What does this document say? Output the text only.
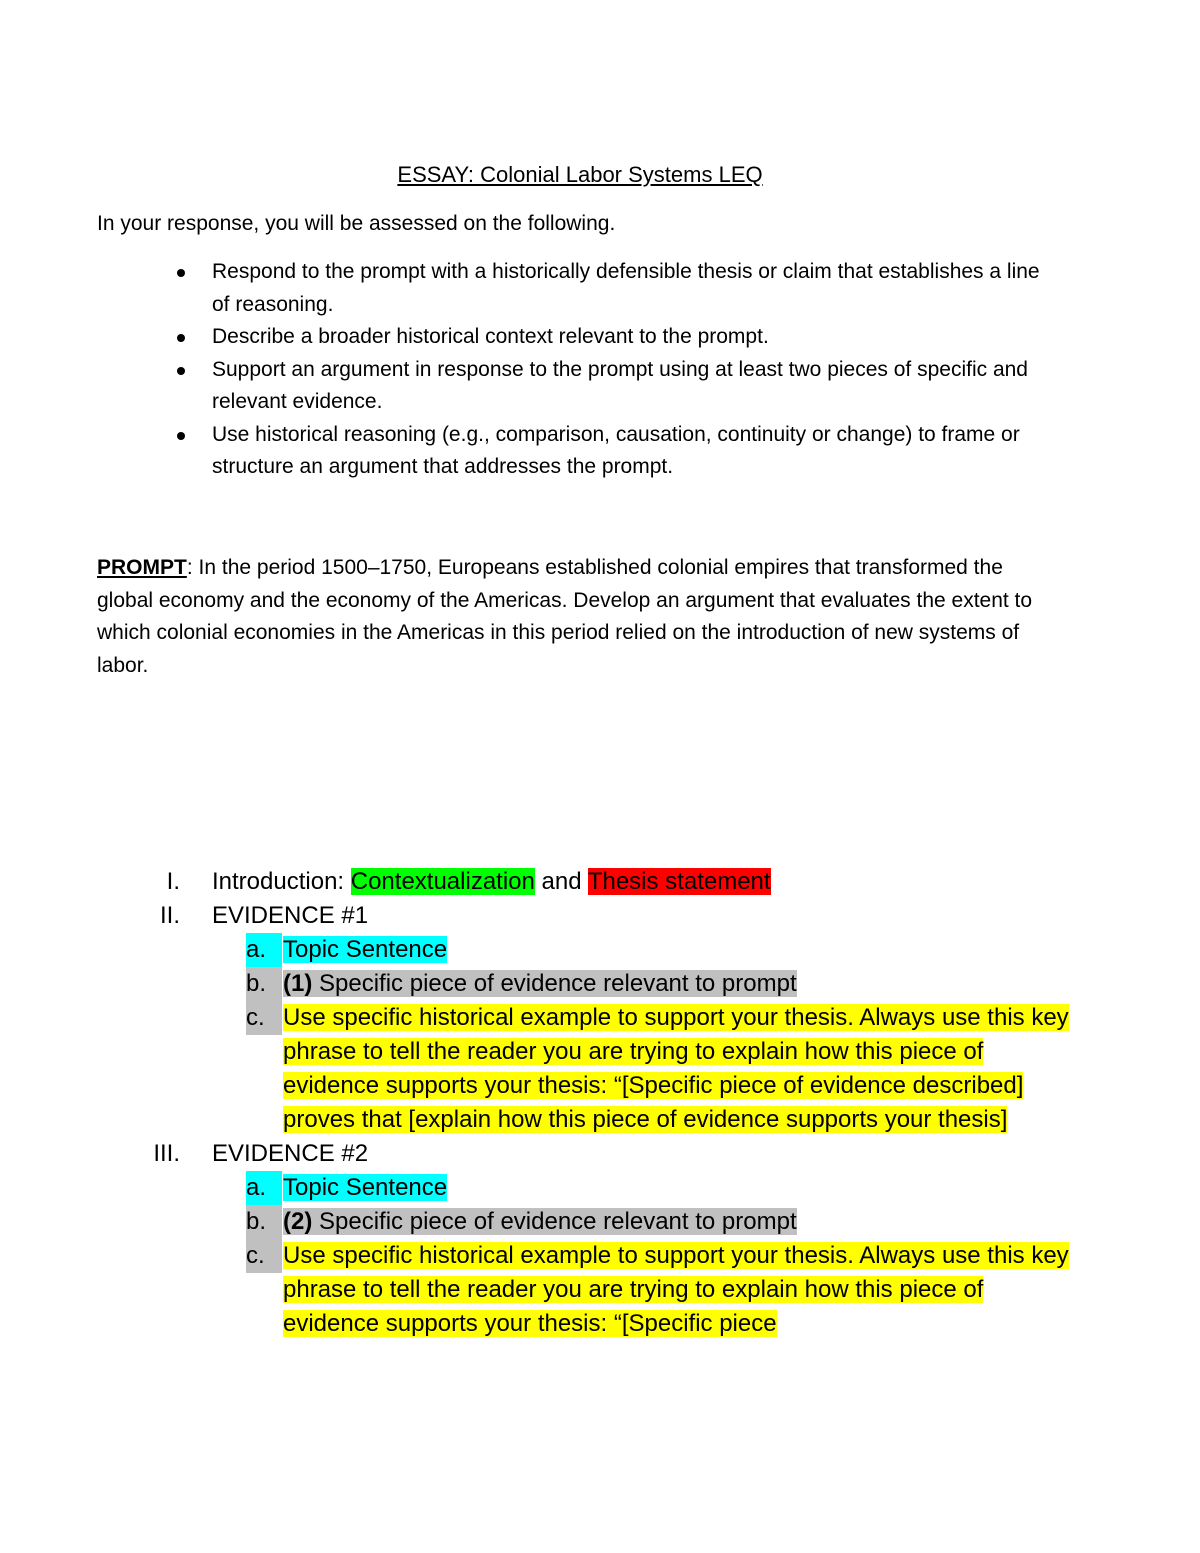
ESSAY: Colonial Labor Systems LEQ
In your response, you will be assessed on the following.
Respond to the prompt with a historically defensible thesis or claim that establishes a line of reasoning.
Describe a broader historical context relevant to the prompt.
Support an argument in response to the prompt using at least two pieces of specific and relevant evidence.
Use historical reasoning (e.g., comparison, causation, continuity or change) to frame or structure an argument that addresses the prompt.

PROMPT: In the period 1500–1750, Europeans established colonial empires that transformed the global economy and the economy of the Americas. Develop an argument that evaluates the extent to which colonial economies in the Americas in this period relied on the introduction of new systems of labor.

I. Introduction: Contextualization and Thesis statement
II. EVIDENCE #1
a. Topic Sentence
b. (1) Specific piece of evidence relevant to prompt
c. Use specific historical example to support your thesis. Always use this key phrase to tell the reader you are trying to explain how this piece of evidence supports your thesis: “[Specific piece of evidence described] proves that [explain how this piece of evidence supports your thesis]
III. EVIDENCE #2
a. Topic Sentence
b. (2) Specific piece of evidence relevant to prompt
c. Use specific historical example to support your thesis. Always use this key phrase to tell the reader you are trying to explain how this piece of evidence supports your thesis: “[Specific piece
